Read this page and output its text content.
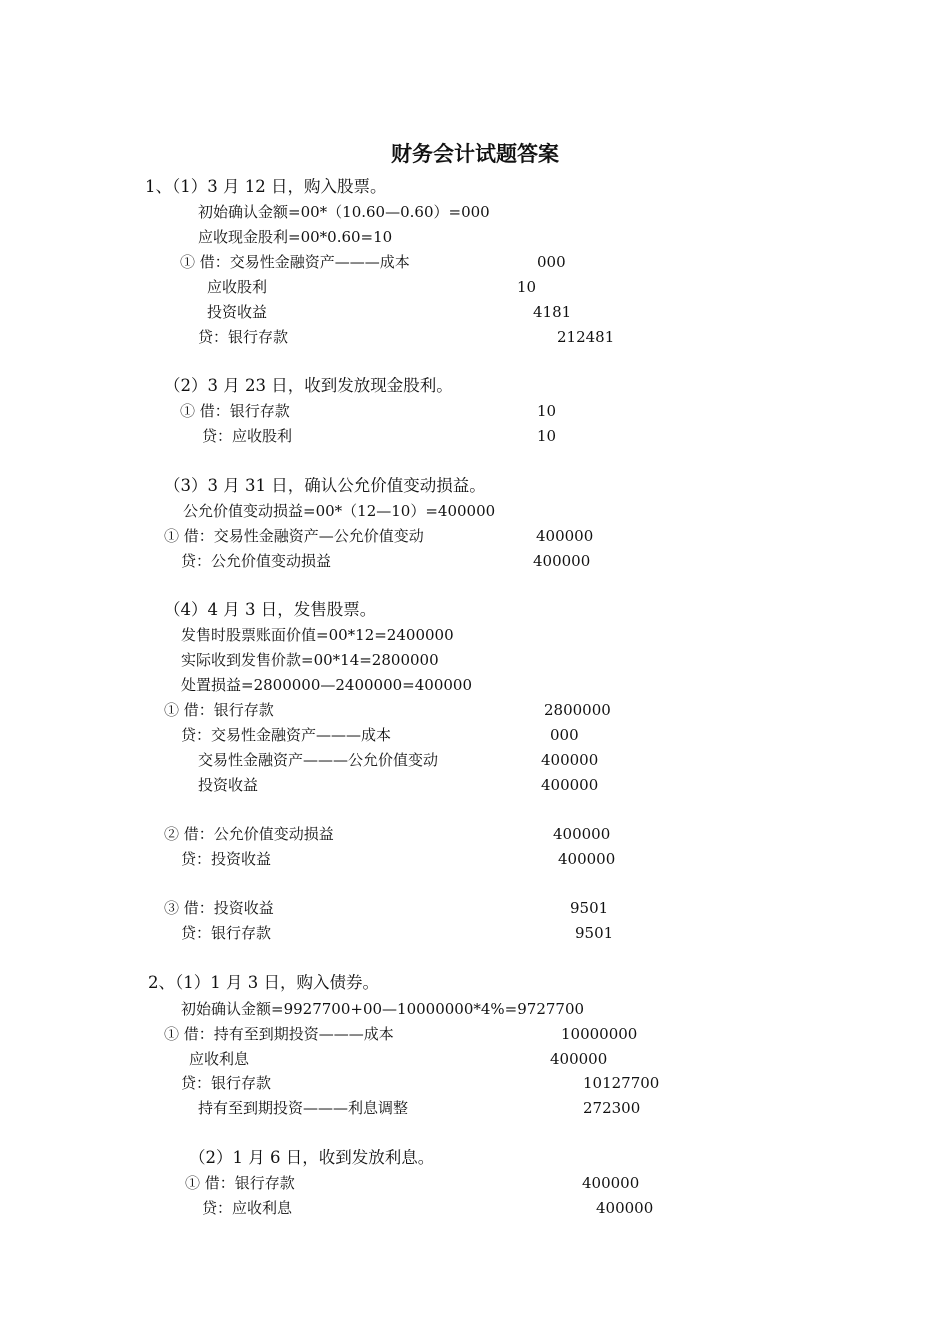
财务会计试题答案
1、（1）3 月 12 日，购入股票。
初始确认金额=00*（10.60—0.60）=000
应收现金股利=00*0.60=10
① 借：交易性金融资产———成本	000
应收股利	10
投资收益	4181
贷：银行存款	212481
（2）3 月 23 日，收到发放现金股利。
① 借：银行存款	10
贷：应收股利	10
（3）3 月 31 日，确认公允价值变动损益。
公允价值变动损益=00*（12—10）=400000
① 借：交易性金融资产—公允价值变动	400000
贷：公允价值变动损益	400000
（4）4 月 3 日，发售股票。
发售时股票账面价值=00*12=2400000
实际收到发售价款=00*14=2800000
处置损益=2800000—2400000=400000
① 借：银行存款	2800000
贷：交易性金融资产———成本	000
交易性金融资产———公允价值变动	400000
投资收益	400000
② 借：公允价值变动损益	400000
贷：投资收益	400000
③ 借：投资收益	9501
贷：银行存款	9501
2、（1）1 月 3 日，购入债券。
初始确认金额=9927700+00—10000000*4%=9727700
① 借：持有至到期投资———成本	10000000
应收利息	400000
贷：银行存款	10127700
持有至到期投资———利息调整	272300
（2）1 月 6 日，收到发放利息。
① 借：银行存款	400000
贷：应收利息	400000
